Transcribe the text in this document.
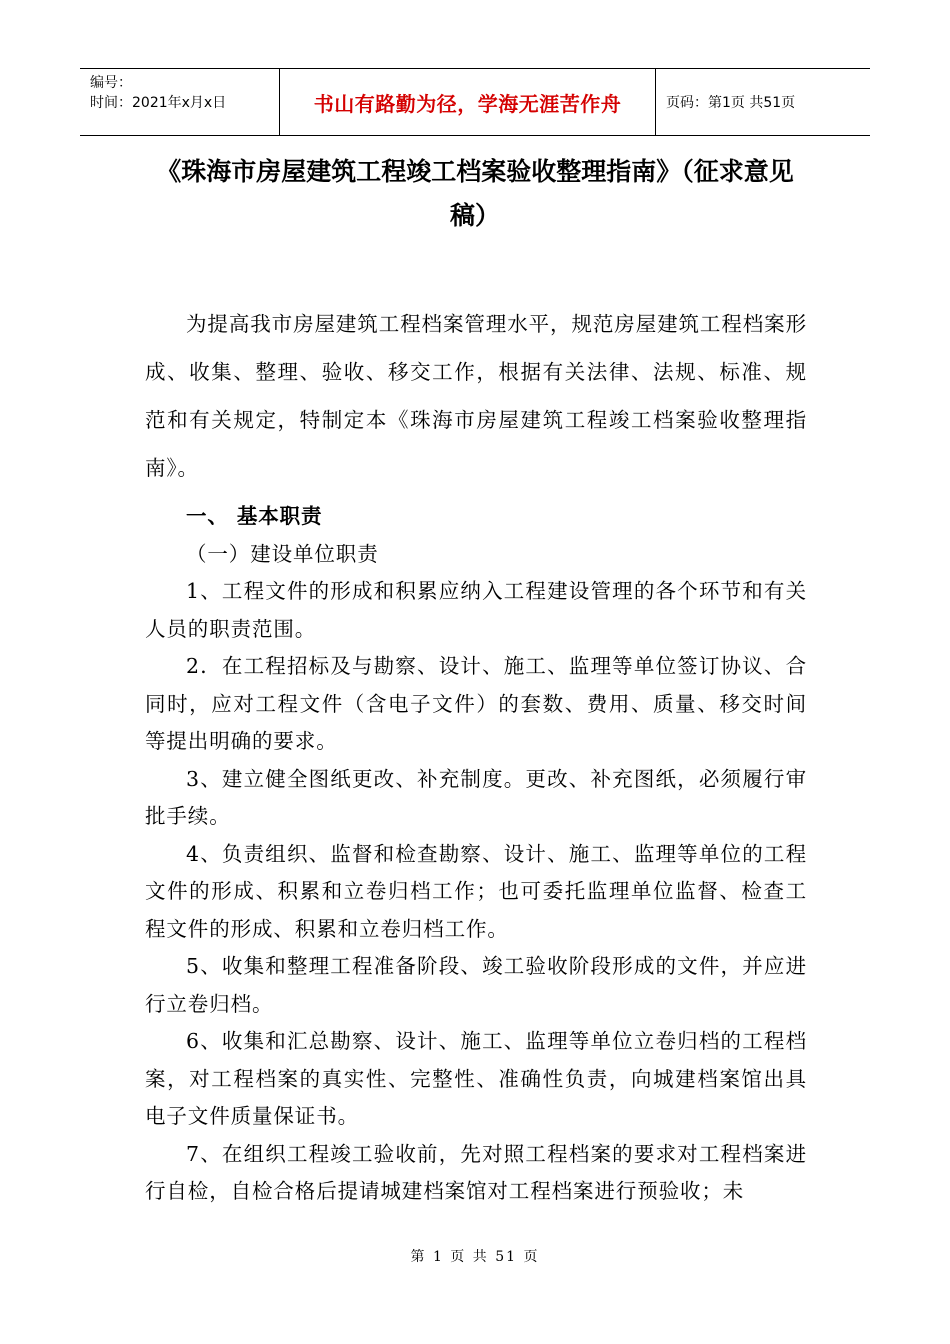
编号：
时间：2021年x月x日	书山有路勤为径，学海无涯苦作舟	页码：第1页 共51页
《珠海市房屋建筑工程竣工档案验收整理指南》（征求意见稿）

为提高我市房屋建筑工程档案管理水平，规范房屋建筑工程档案形成、收集、整理、验收、移交工作，根据有关法律、法规、标准、规范和有关规定，特制定本《珠海市房屋建筑工程竣工档案验收整理指南》。

一、 基本职责

（一）建设单位职责

1、工程文件的形成和积累应纳入工程建设管理的各个环节和有关人员的职责范围。

2．在工程招标及与勘察、设计、施工、监理等单位签订协议、合同时，应对工程文件（含电子文件）的套数、费用、质量、移交时间等提出明确的要求。

3、建立健全图纸更改、补充制度。更改、补充图纸，必须履行审批手续。

4、负责组织、监督和检查勘察、设计、施工、监理等单位的工程文件的形成、积累和立卷归档工作；也可委托监理单位监督、检查工程文件的形成、积累和立卷归档工作。

5、收集和整理工程准备阶段、竣工验收阶段形成的文件，并应进行立卷归档。

6、收集和汇总勘察、设计、施工、监理等单位立卷归档的工程档案，对工程档案的真实性、完整性、准确性负责，向城建档案馆出具电子文件质量保证书。

7、在组织工程竣工验收前，先对照工程档案的要求对工程档案进行自检，自检合格后提请城建档案馆对工程档案进行预验收；未

第 1 页 共 51 页
